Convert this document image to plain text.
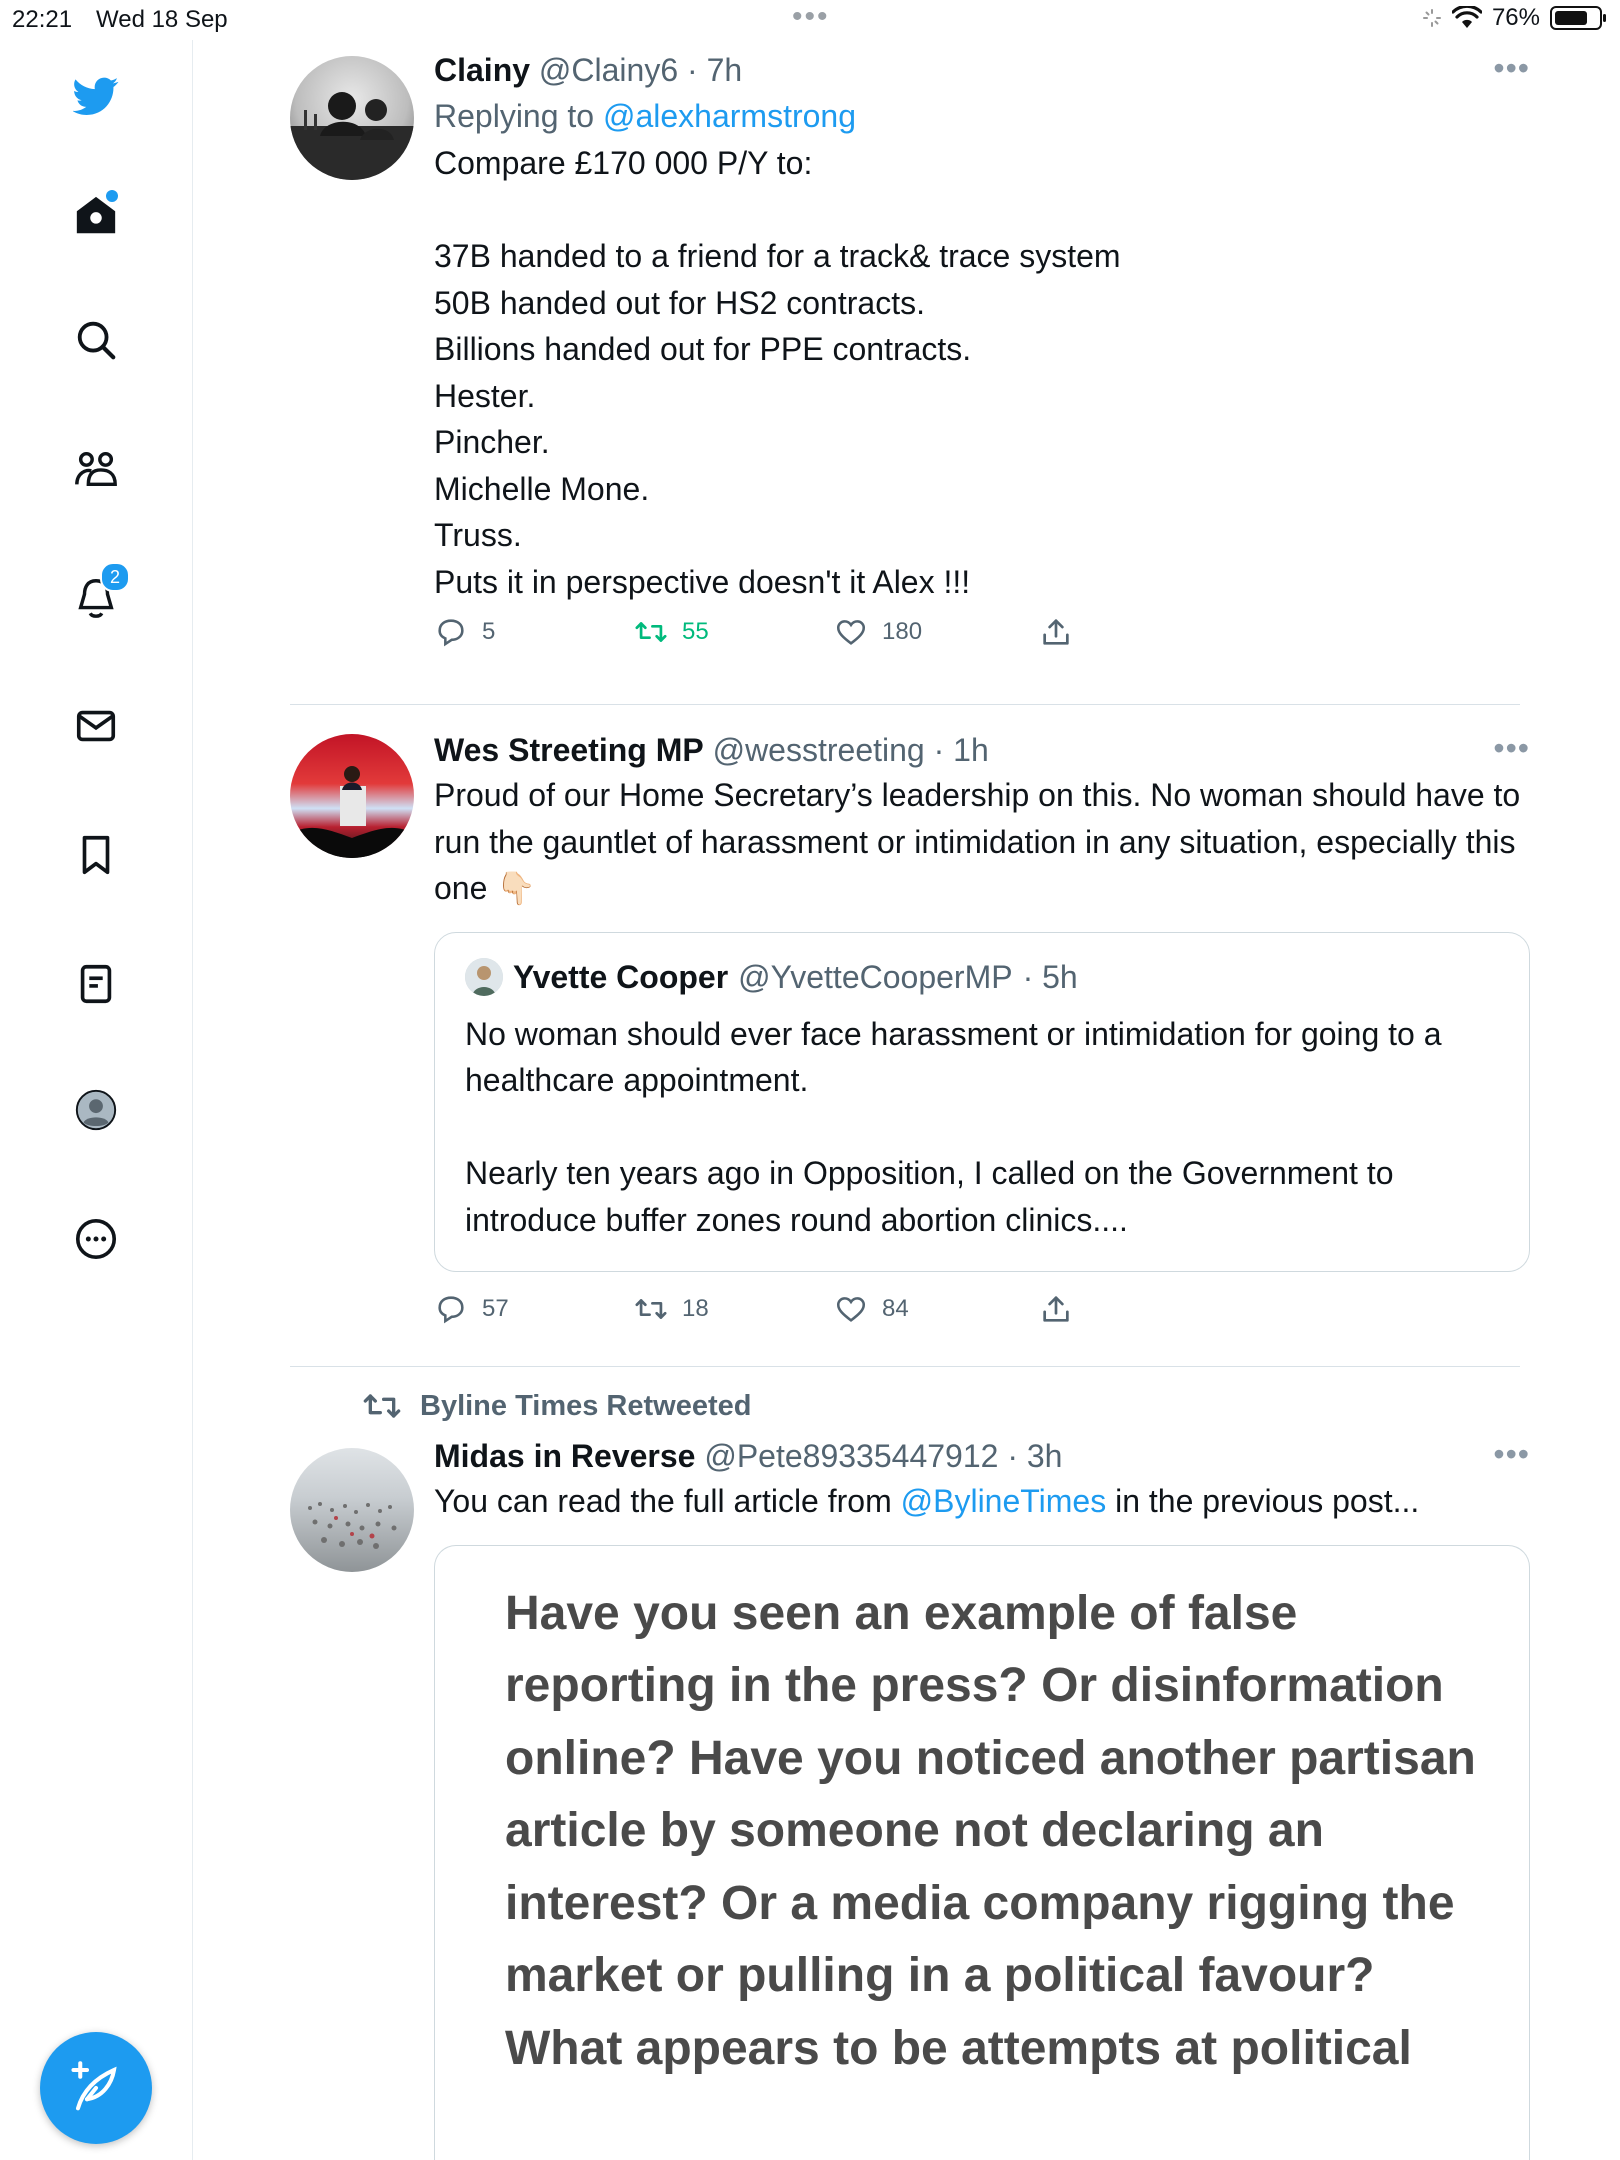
22:21 Wed 18 Sep	•••	76%
2
Clainy @Clainy6 · 7h
Replying to @alexharmstrong
Compare £170 000 P/Y to:

37B handed to a friend for a track& trace system
50B handed out for HS2 contracts.
Billions handed out for PPE contracts.
Hester.
Pincher.
Michelle Mone.
Truss.
Puts it in perspective doesn't it Alex !!!
5	55	180
•••
Wes Streeting MP @wesstreeting · 1h
Proud of our Home Secretary’s leadership on this. No woman should have to run the gauntlet of harassment or intimidation in any situation, especially this one 👇🏻
Yvette Cooper @YvetteCooperMP · 5h
No woman should ever face harassment or intimidation for going to a healthcare appointment.

Nearly ten years ago in Opposition, I called on the Government to introduce buffer zones round abortion clinics....
57	18	84
•••
Byline Times Retweeted
Midas in Reverse @Pete89335447912 · 3h
You can read the full article from @BylineTimes in the previous post...
Have you seen an example of false reporting in the press? Or disinformation online? Have you noticed another partisan article by someone not declaring an interest? Or a media company rigging the market or pulling in a political favour? What appears to be attempts at political
•••
